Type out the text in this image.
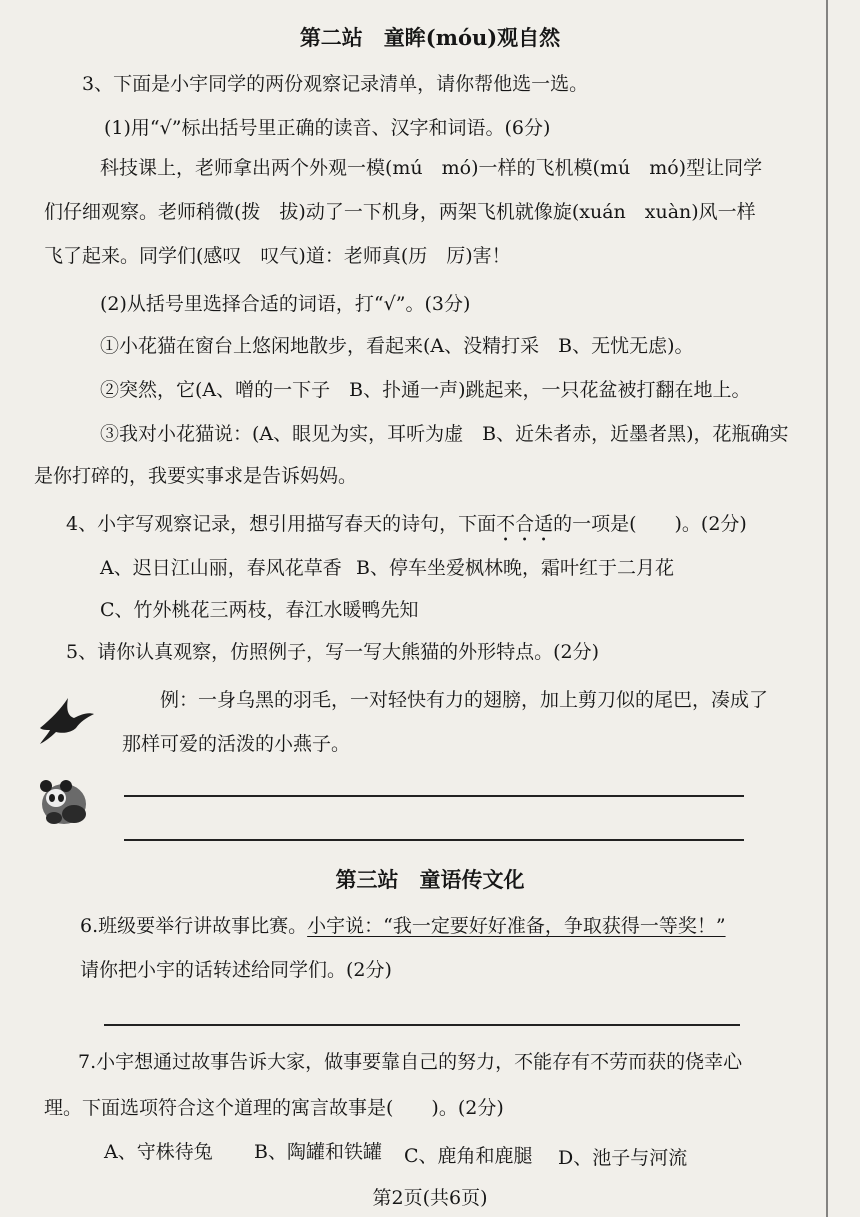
第二站　童眸(móu)观自然
3、下面是小宇同学的两份观察记录清单，请你帮他选一选。
(1)用“√”标出括号里正确的读音、汉字和词语。(6分)
科技课上，老师拿出两个外观一模(mú　mó)一样的飞机模(mú　mó)型让同学
们仔细观察。老师稍微(拨　拔)动了一下机身，两架飞机就像旋(xuán　xuàn)风一样
飞了起来。同学们(感叹　叹气)道：老师真(历　厉)害！
(2)从括号里选择合适的词语，打“√”。(3分)
①小花猫在窗台上悠闲地散步，看起来(A、没精打采　B、无忧无虑)。
②突然，它(A、噌的一下子　B、扑通一声)跳起来，一只花盆被打翻在地上。
③我对小花猫说：(A、眼见为实，耳听为虚　B、近朱者赤，近墨者黑)，花瓶确实
是你打碎的，我要实事求是告诉妈妈。
4、小宇写观察记录，想引用描写春天的诗句，下面不合适的一项是(　　)。(2分)
A、迟日江山丽，春风花草香 B、停车坐爱枫林晚，霜叶红于二月花
C、竹外桃花三两枝，春江水暖鸭先知
5、请你认真观察，仿照例子，写一写大熊猫的外形特点。(2分)
例：一身乌黑的羽毛，一对轻快有力的翅膀，加上剪刀似的尾巴，凑成了
那样可爱的活泼的小燕子。
第三站　童语传文化
6.班级要举行讲故事比赛。小宇说：“我一定要好好准备，争取获得一等奖！”
请你把小宇的话转述给同学们。(2分)
7.小宇想通过故事告诉大家，做事要靠自己的努力，不能存有不劳而获的侥幸心
理。下面选项符合这个道理的寓言故事是(　　)。(2分)
A、守株待兔 B、陶罐和铁罐 C、鹿角和鹿腿 D、池子与河流
第2页(共6页)
